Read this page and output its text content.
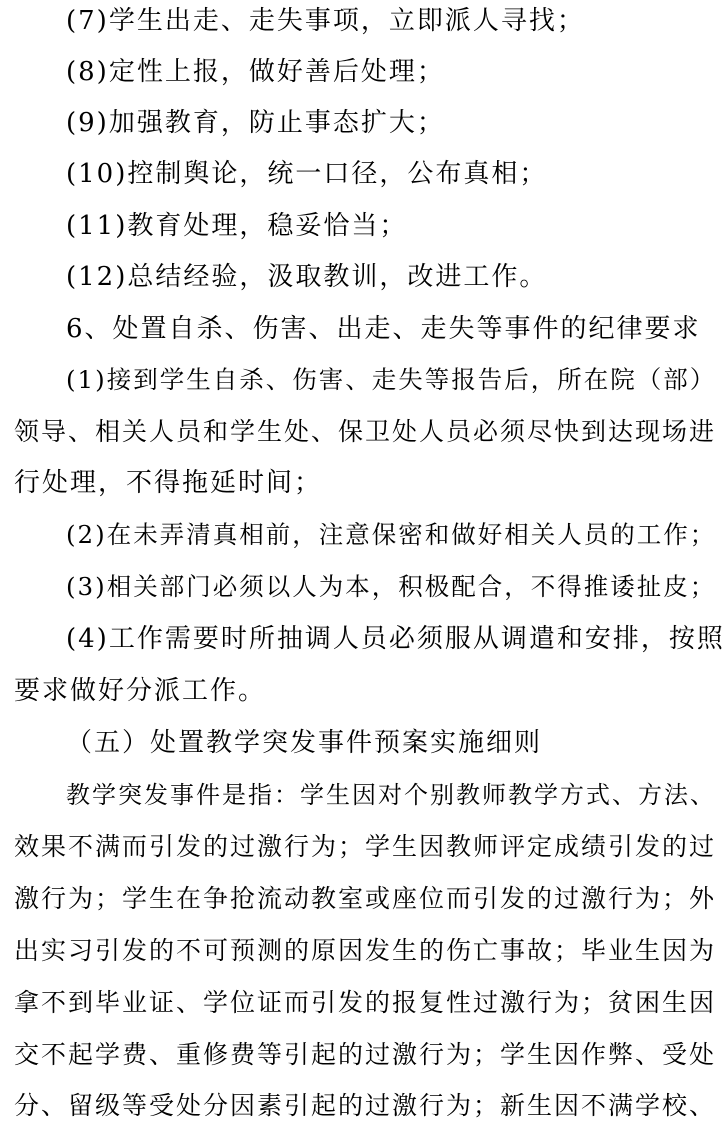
(7)学生出走、走失事项，立即派人寻找；
(8)定性上报，做好善后处理；
(9)加强教育，防止事态扩大；
(10)控制舆论，统一口径，公布真相；
(11)教育处理，稳妥恰当；
(12)总结经验，汲取教训，改进工作。
6、处置自杀、伤害、出走、走失等事件的纪律要求
(1)接到学生自杀、伤害、走失等报告后，所在院（部）
领导、相关人员和学生处、保卫处人员必须尽快到达现场进
行处理，不得拖延时间；
(2)在未弄清真相前，注意保密和做好相关人员的工作；
(3)相关部门必须以人为本，积极配合，不得推诿扯皮；
(4)工作需要时所抽调人员必须服从调遣和安排，按照
要求做好分派工作。
（五）处置教学突发事件预案实施细则
教学突发事件是指：学生因对个别教师教学方式、方法、
效果不满而引发的过激行为；学生因教师评定成绩引发的过
激行为；学生在争抢流动教室或座位而引发的过激行为；外
出实习引发的不可预测的原因发生的伤亡事故；毕业生因为
拿不到毕业证、学位证而引发的报复性过激行为；贫困生因
交不起学费、重修费等引起的过激行为；学生因作弊、受处
分、留级等受处分因素引起的过激行为；新生因不满学校、
